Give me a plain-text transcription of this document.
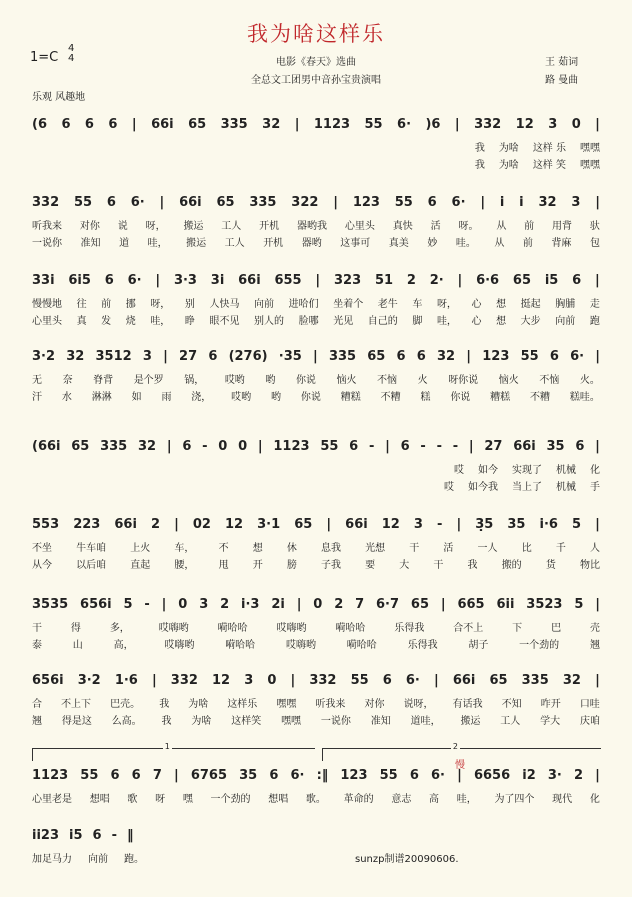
我为啥这样乐
1=C
4
4	电影《春天》选曲
全总文工团男中音孙宝贵演唱
王 茹词
路 曼曲
乐观 风趣地
(6 6 6 6 | 66i 65 335 32 | 1123 55 6· )6 | 332 12 3 0 |
我 为啥 这样 乐 嘿嘿
我 为啥 这样 笑 嘿嘿
332 55 6 6· | 66i 65 335 322 | 123 55 6 6· | i i 32 3 |
听我来 对你 说 呀， 搬运 工人 开机 器哟我 心里头 真快 活 呀。 从 前 用背 驮
一说你 准知 道 哇， 搬运 工人 开机 器哟 这事可 真美 妙 哇。 从 前 背麻 包
33i 6i5 6 6· | 3·3 3i 66i 655 | 323 51 2 2· | 6·6 65 i5 6 |
慢慢地 往 前 挪 呀， 别 人快马 向前 进哈们 坐着个 老牛 车 呀， 心 想 挺起 胸脯 走
心里头 真 发 烧 哇， 睁 眼不见 别人的 脸哪 光见 自己的 脚 哇， 心 想 大步 向前 跑
3·2 32 3512 3 | 27 6 (276) ·35 | 335 65 6 6 32 | 123 55 6 6· |
无 奈 脊背 是个罗 锅， 哎哟 哟 你说 恼火 不恼 火 呀你说 恼火 不恼 火。
汗 水 淋淋 如 雨 浇， 哎哟 哟 你说 糟糕 不糟 糕 你说 糟糕 不糟 糕哇。
(66i 65 335 32 | 6 - 0 0 | 1123 55 6 - | 6 - - - | 27 66i 35 6 |
哎 如今 实现了 机械 化
哎 如今我 当上了 机械 手
553 223 66i 2 | 02 12 3·1 65 | 66i 12 3 - | 3̣5 35 i·6 5 |
不坐 牛车咱 上火 车， 不 想 休 息我 光想 干 活 一人 比 千 人
从今 以后咱 直起 腰， 甩 开 膀 子我 要 大 干 我 搬的 货 物比
3535 656i 5 - | 0 3 2 i·3 2i | 0 2 7 6·7 65 | 665 6ii 3523 5 |
干	得	多，	哎嗨哟	嗬哈哈	哎嗨哟	嗬哈哈	乐得我	合不上	下	巴	壳
泰	山	高，	哎嗨哟	嗬哈哈	哎嗨哟	嗬哈哈	乐得我	胡子	一个劲的	翘
656i 3·2 1·6 | 332 12 3 0 | 332 55 6 6· | 66i 65 335 32 |
合 不上下 巴壳。 我 为啥 这样乐 嘿嘿 听我来 对你 说呀， 有话我 不知 咋开 口哇
翘 得是这 么高。 我 为啥 这样笑 嘿嘿 一说你 准知 道哇， 搬运 工人 学大 庆咱
1123 55 6 6 7 | 6765 35 6 6· :‖ 123 55 6 6· | 6656 i2 3· 2 |
心里老是 想唱 歌 呀 嘿 一个劲的 想唱 歌。 革命的 意志 高 哇， 为了四个 现代 化
ii23 i5 6 - ‖
加足马力 向前 跑。
1	2
慢
sunzp制谱20090606.
